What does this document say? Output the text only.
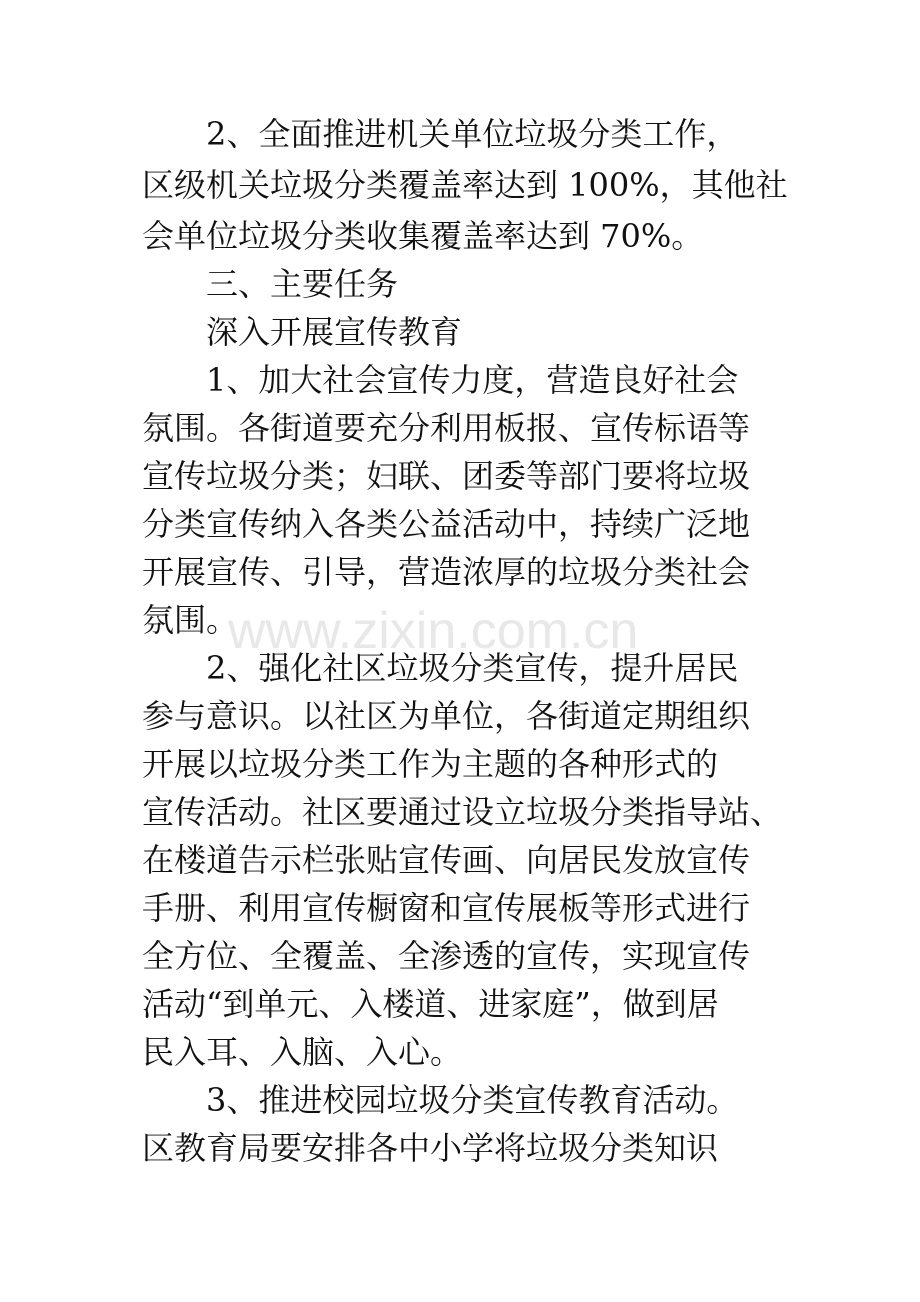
www.zixin.com.cn
2、全面推进机关单位垃圾分类工作，
区级机关垃圾分类覆盖率达到 100%，其他社
会单位垃圾分类收集覆盖率达到 70%。
三、主要任务
深入开展宣传教育
1、加大社会宣传力度，营造良好社会
氛围。各街道要充分利用板报、宣传标语等
宣传垃圾分类；妇联、团委等部门要将垃圾
分类宣传纳入各类公益活动中，持续广泛地
开展宣传、引导，营造浓厚的垃圾分类社会
氛围。
2、强化社区垃圾分类宣传，提升居民
参与意识。以社区为单位，各街道定期组织
开展以垃圾分类工作为主题的各种形式的
宣传活动。社区要通过设立垃圾分类指导站、
在楼道告示栏张贴宣传画、向居民发放宣传
手册、利用宣传橱窗和宣传展板等形式进行
全方位、全覆盖、全渗透的宣传，实现宣传
活动“到单元、入楼道、进家庭”，做到居
民入耳、入脑、入心。
3、推进校园垃圾分类宣传教育活动。
区教育局要安排各中小学将垃圾分类知识
